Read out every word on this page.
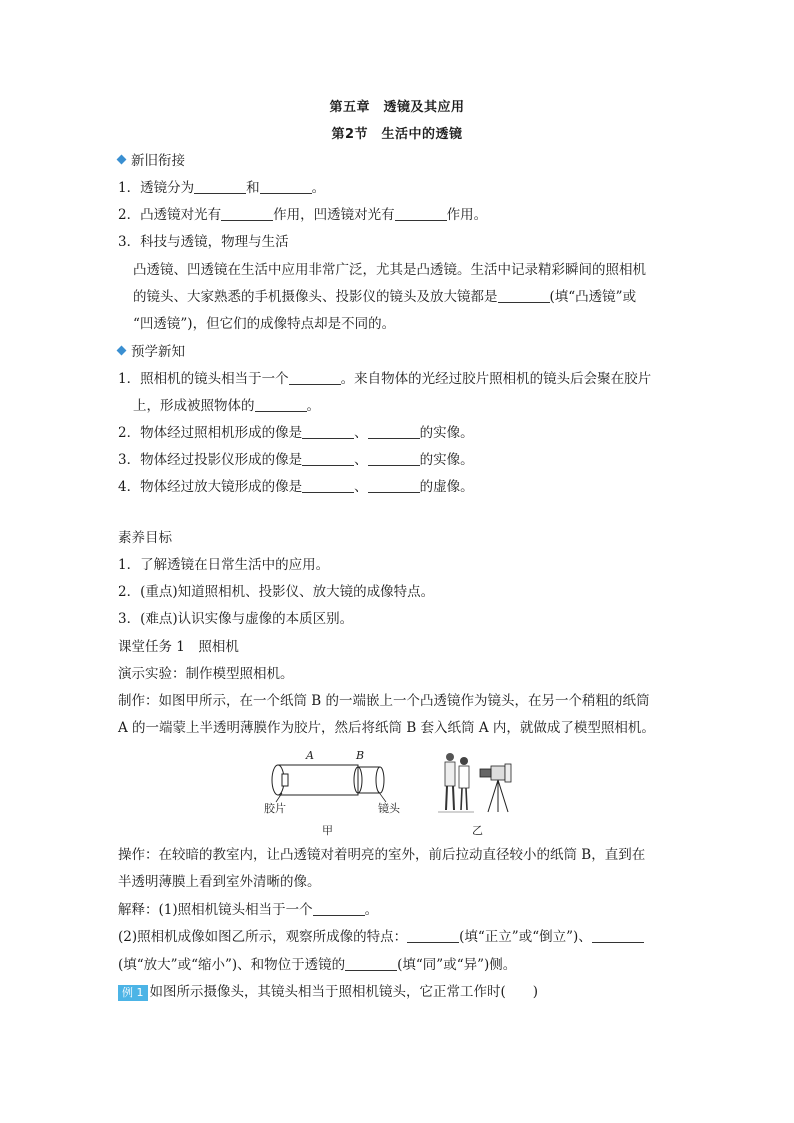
第五章　透镜及其应用
第2节　生活中的透镜
新旧衔接
1．透镜分为	和	。
2．凸透镜对光有	作用，凹透镜对光有	作用。
3．科技与透镜，物理与生活
凸透镜、凹透镜在生活中应用非常广泛，尤其是凸透镜。生活中记录精彩瞬间的照相机
的镜头、大家熟悉的手机摄像头、投影仪的镜头及放大镜都是	(填“凸透镜”或
“凹透镜”)，但它们的成像特点却是不同的。
预学新知
1．照相机的镜头相当于一个	。来自物体的光经过胶片照相机的镜头后会聚在胶片
上，形成被照物体的	。
2．物体经过照相机形成的像是	、	的实像。
3．物体经过投影仪形成的像是	、	的实像。
4．物体经过放大镜形成的像是	、	的虚像。
素养目标
1．了解透镜在日常生活中的应用。
2．(重点)知道照相机、投影仪、放大镜的成像特点。
3．(难点)认识实像与虚像的本质区别。
课堂任务 1　照相机
演示实验：制作模型照相机。
制作：如图甲所示，在一个纸筒 B 的一端嵌上一个凸透镜作为镜头，在另一个稍粗的纸筒
A 的一端蒙上半透明薄膜作为胶片，然后将纸筒 B 套入纸筒 A 内，就做成了模型照相机。
A	B
胶片	镜头
甲	乙
操作：在较暗的教室内，让凸透镜对着明亮的室外，前后拉动直径较小的纸筒 B，直到在
半透明薄膜上看到室外清晰的像。
解释：(1)照相机镜头相当于一个	。
(2)照相机成像如图乙所示，观察所成像的特点：	(填“正立”或“倒立”)、
(填“放大”或“缩小”)、和物位于透镜的	(填“同”或“异”)侧。
例 1 如图所示摄像头，其镜头相当于照相机镜头，它正常工作时(　　)
